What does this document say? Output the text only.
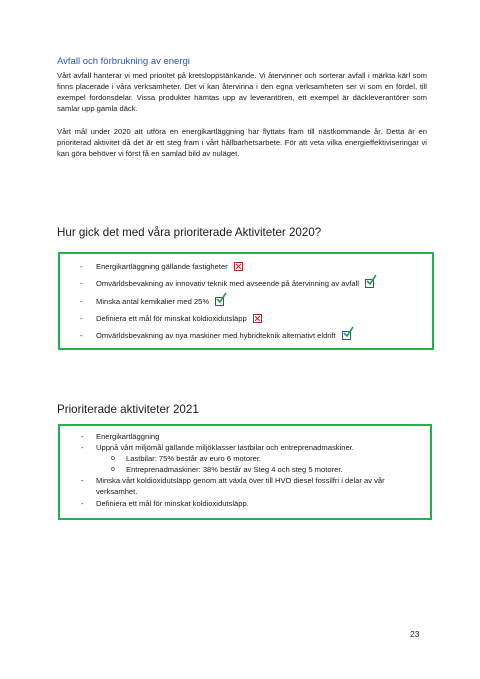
Avfall och förbrukning av energi

Vårt avfall hanterar vi med prioritet på kretsloppstänkande. Vi återvinner och sorterar avfall i märkta kärl som finns placerade i våra verksamheter. Det vi kan återvinna i den egna verksamheten ser vi som en fördel, till exempel fordonsdelar. Vissa produkter hämtas upp av leverantören, ett exempel är däckleverantörer som samlar upp gamla däck.

Vårt mål under 2020 att utföra en energikartläggning har flyttats fram till nästkommande år. Detta är en prioriterad aktivitet då det är ett steg fram i vårt hållbarhetsarbete. För att veta vilka energieffektiviseringar vi kan göra behöver vi först få en samlad bild av nuläget.

Hur gick det med våra prioriterade Aktiviteter 2020?
- Energikartläggning gällande fastigheter
- Omvärldsbevakning av innovativ teknik med avseende på återvinning av avfall
- Minska antal kemikalier med 25%
- Definiera ett mål för minskat koldioxidutsläpp
- Omvärldsbevakning av nya maskiner med hybridteknik alternativt eldrift
Prioriterade aktiviteter 2021
- Energikartläggning
- Uppnå vårt miljömål gällande miljöklasser lastbilar och entreprenadmaskiner.
o Lastbilar: 75% består av euro 6 motorer.
o Entreprenadmaskiner: 38% består av Steg 4 och steg 5 motorer.
- Minska vårt koldioxidutsläpp genom att växla över till HVO diesel fossilfri i delar av vår verksamhet.
- Definiera ett mål för minskat koldioxidutsläpp.
23
